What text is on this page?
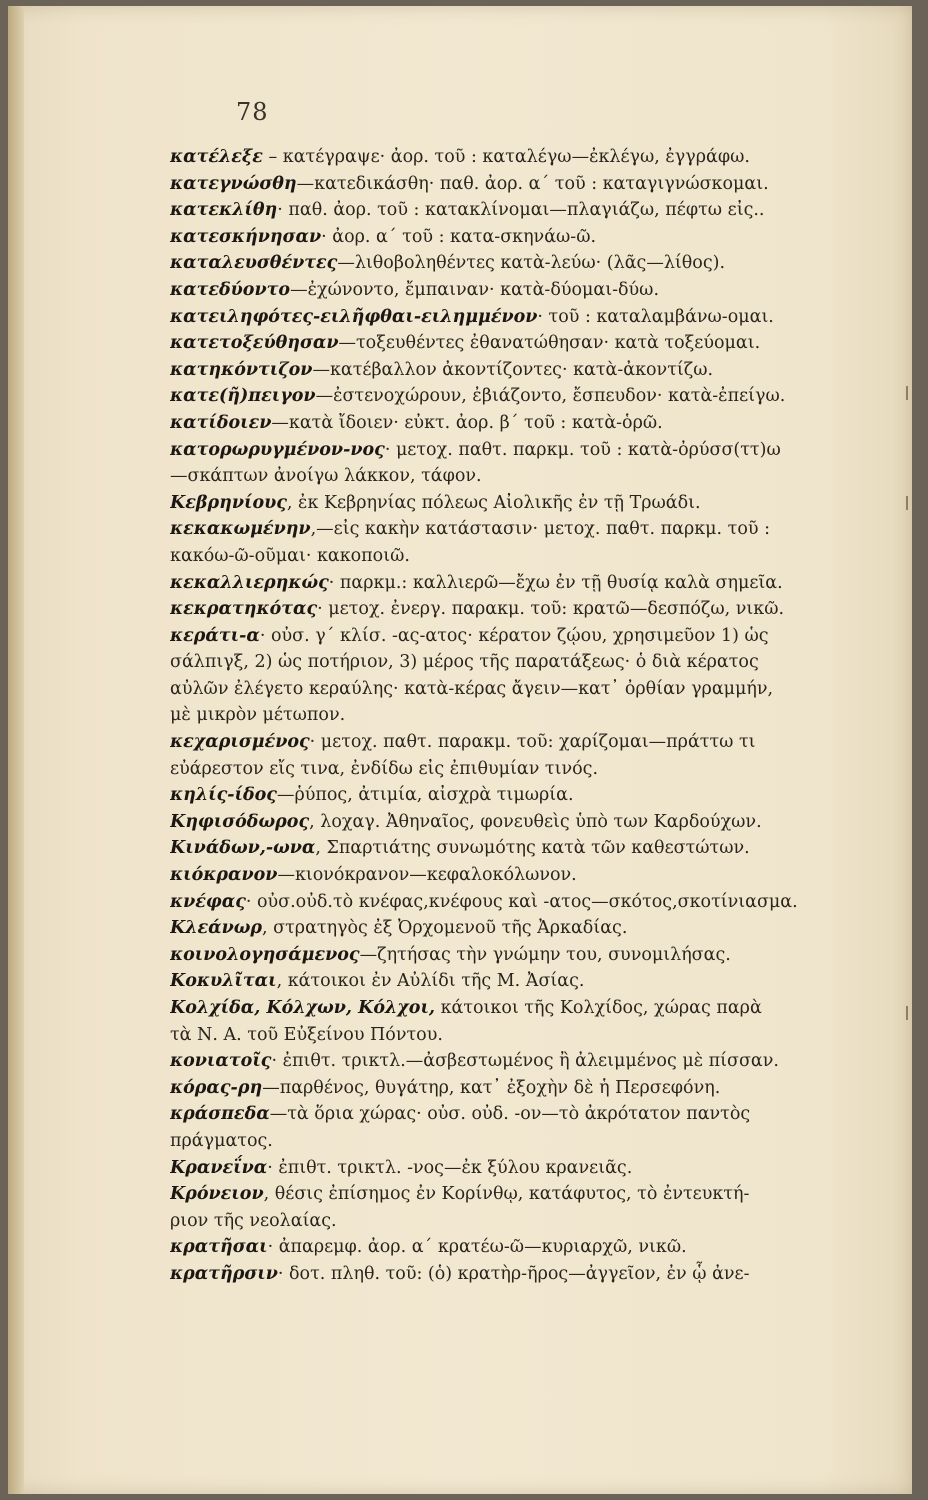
78
κατέλεξε – κατέγραψε· ἀορ. τοῦ : καταλέγω—ἐκλέγω, ἐγγράφω.
κατεγνώσθη—κατεδικάσθη· παθ. ἀορ. α΄ τοῦ : καταγιγνώσκομαι.
κατεκλίθη· παθ. ἀορ. τοῦ : κατακλίνομαι—πλαγιάζω, πέφτω εἰς..
κατεσκήνησαν· ἀορ. α΄ τοῦ : κατα-σκηνάω-ῶ.
καταλευσθέντες—λιθοβοληθέντες κατὰ-λεύω· (λᾶς—λίθος).
κατεδύοντο—ἐχώνοντο, ἔμπαιναν· κατὰ-δύομαι-δύω.
κατειληφότες-ειλῆφθαι-ειλημμένον· τοῦ : καταλαμβάνω-ομαι.
κατετοξεύθησαν—τοξευθέντες ἐθανατώθησαν· κατὰ τοξεύομαι.
κατηκόντιζον—κατέβαλλον ἀκοντίζοντες· κατὰ-ἀκοντίζω.
κατε(ῆ)πειγον—ἐστενοχώρουν, ἐβιάζοντο, ἔσπευδον· κατὰ-ἐπείγω.
κατίδοιεν—κατὰ ἴδοιεν· εὐκτ. ἀορ. β΄ τοῦ : κατὰ-ὁρῶ.
κατορωρυγμένον-νος· μετοχ. παθτ. παρκμ. τοῦ : κατὰ-ὀρύσσ(ττ)ω
—σκάπτων ἀνοίγω λάκκον, τάφον.
Κεβρηνίους, ἐκ Κεβρηνίας πόλεως Αἰολικῆς ἐν τῇ Τρωάδι.
κεκακωμένην,—εἰς κακὴν κατάστασιν· μετοχ. παθτ. παρκμ. τοῦ :
κακόω-ῶ-οῦμαι· κακοποιῶ.
κεκαλλιερηκώς· παρκμ.: καλλιερῶ—ἔχω ἐν τῇ θυσίᾳ καλὰ σημεῖα.
κεκρατηκότας· μετοχ. ἐνεργ. παρακμ. τοῦ: κρατῶ—δεσπόζω, νικῶ.
κεράτι-α· οὐσ. γ΄ κλίσ. -ας-ατος· κέρατον ζῴου, χρησιμεῦον 1) ὡς
σάλπιγξ, 2) ὡς ποτήριον, 3) μέρος τῆς παρατάξεως· ὁ διὰ κέρατος
αὐλῶν ἐλέγετο κεραύλης· κατὰ-κέρας ἄγειν—κατ᾽ ὀρθίαν γραμμήν,
μὲ μικρὸν μέτωπον.
κεχαρισμένος· μετοχ. παθτ. παρακμ. τοῦ: χαρίζομαι—πράττω τι
εὐάρεστον εἴς τινα, ἐνδίδω εἰς ἐπιθυμίαν τινός.
κηλίς-ίδος—ῥύπος, ἀτιμία, αἰσχρὰ τιμωρία.
Κηφισόδωρος, λοχαγ. Ἀθηναῖος, φονευθεὶς ὑπὸ των Καρδούχων.
Κινάδων,-ωνα, Σπαρτιάτης συνωμότης κατὰ τῶν καθεστώτων.
κιόκρανον—κιονόκρανον—κεφαλοκόλωνον.
κνέφας· οὐσ.οὐδ.τὸ κνέφας,κνέφους καὶ -ατος—σκότος,σκοτίνιασμα.
Κλεάνωρ, στρατηγὸς ἐξ Ὀρχομενοῦ τῆς Ἀρκαδίας.
κοινολογησάμενος—ζητήσας τὴν γνώμην του, συνομιλήσας.
Κοκυλῖται, κάτοικοι ἐν Αὐλίδι τῆς Μ. Ἀσίας.
Κολχίδα, Κόλχων, Κόλχοι, κάτοικοι τῆς Κολχίδος, χώρας παρὰ
τὰ Ν. Α. τοῦ Εὐξείνου Πόντου.
κονιατοῖς· ἐπιθτ. τρικτλ.—ἀσβεστωμένος ἢ ἀλειμμένος μὲ πίσσαν.
κόρας-ρη—παρθένος, θυγάτηρ, κατ᾽ ἐξοχὴν δὲ ἡ Περσεφόνη.
κράσπεδα—τὰ ὅρια χώρας· οὐσ. οὐδ. -ον—τὸ ἀκρότατον παντὸς
πράγματος.
Κρανεΐνα· ἐπιθτ. τρικτλ. -νος—ἐκ ξύλου κρανειᾶς.
Κρόνειον, θέσις ἐπίσημος ἐν Κορίνθῳ, κατάφυτος, τὸ ἐντευκτή-
ριον τῆς νεολαίας.
κρατῆσαι· ἀπαρεμφ. ἀορ. α΄ κρατέω-ῶ—κυριαρχῶ, νικῶ.
κρατῆρσιν· δοτ. πληθ. τοῦ: (ὁ) κρατὴρ-ῆρος—ἀγγεῖον, ἐν ᾧ ἀνε-
